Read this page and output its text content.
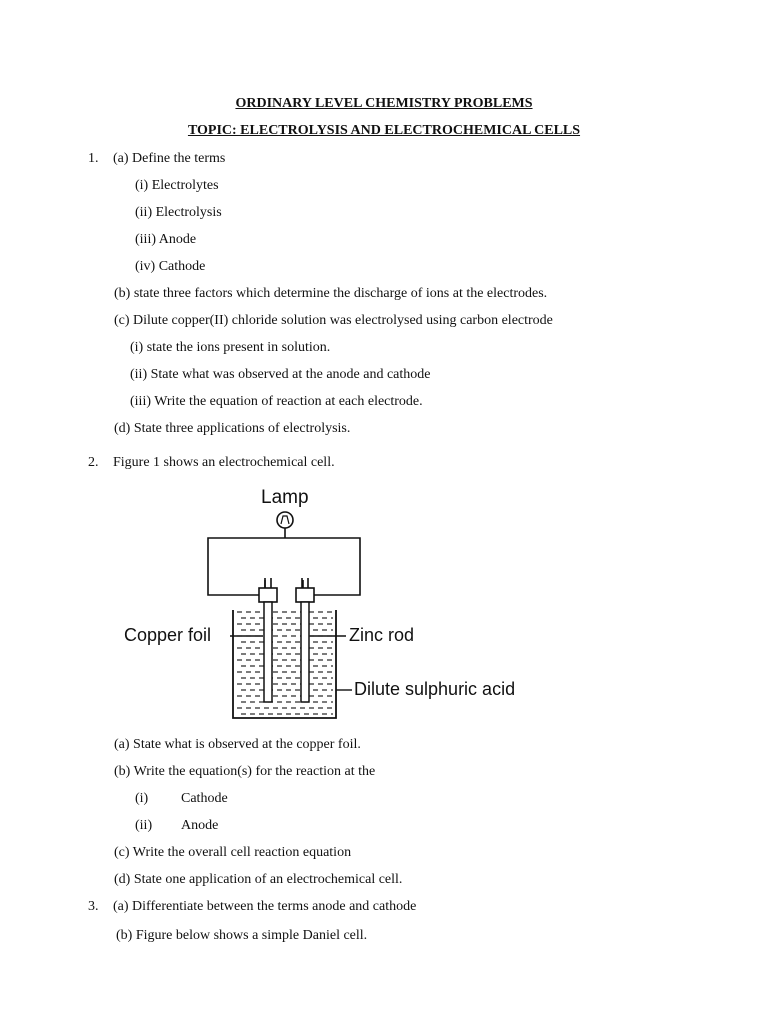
ORDINARY LEVEL CHEMISTRY PROBLEMS
TOPIC: ELECTROLYSIS AND ELECTROCHEMICAL CELLS
1. (a) Define the terms
(i) Electrolytes
(ii) Electrolysis
(iii) Anode
(iv) Cathode
(b) state three factors which determine the discharge of ions at the electrodes.
(c) Dilute copper(II) chloride solution was electrolysed using carbon electrode
(i) state the ions present in solution.
(ii) State what was observed at the anode and cathode
(iii) Write the equation of reaction at each electrode.
(d) State three applications of electrolysis.
2. Figure 1 shows an electrochemical cell.
Lamp
Copper foil	Zinc rod
Dilute sulphuric acid
(a) State what is observed at the copper foil.
(b) Write the equation(s) for the reaction at the
(i) Cathode
(ii) Anode
(c) Write the overall cell reaction equation
(d) State one application of an electrochemical cell.
3. (a) Differentiate between the terms anode and cathode
(b) Figure below shows a simple Daniel cell.
